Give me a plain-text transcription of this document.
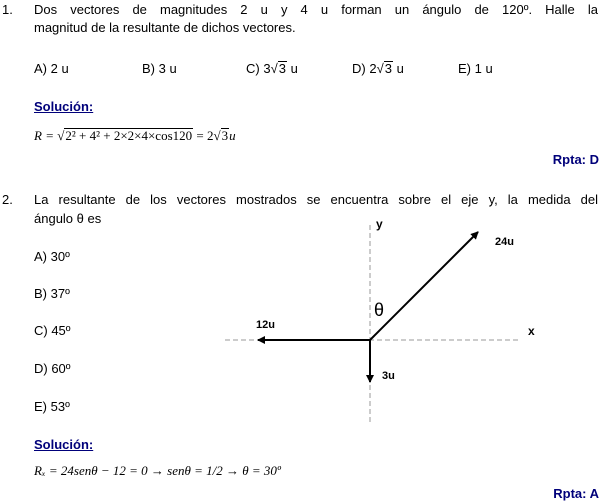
1. Dos vectores de magnitudes 2 u y 4 u forman un ángulo de 120º. Halle la
magnitud de la resultante de dichos vectores.
A) 2 u	B) 3 u	C) 3√3 u	D) 2√3 u	E) 1 u
Solución:
R = √2² + 4² + 2×2×4×cos120 = 2√3u
Rpta: D
2. La resultante de los vectores mostrados se encuentra sobre el eje y, la medida del
ángulo θ es
A) 30º
B) 37º
C) 45º
D) 60º
E) 53º
y
x
θ
24u
12u
3u
Solución:
Rₓ = 24senθ − 12 = 0 → senθ = 1/2 → θ = 30º
Rpta: A
